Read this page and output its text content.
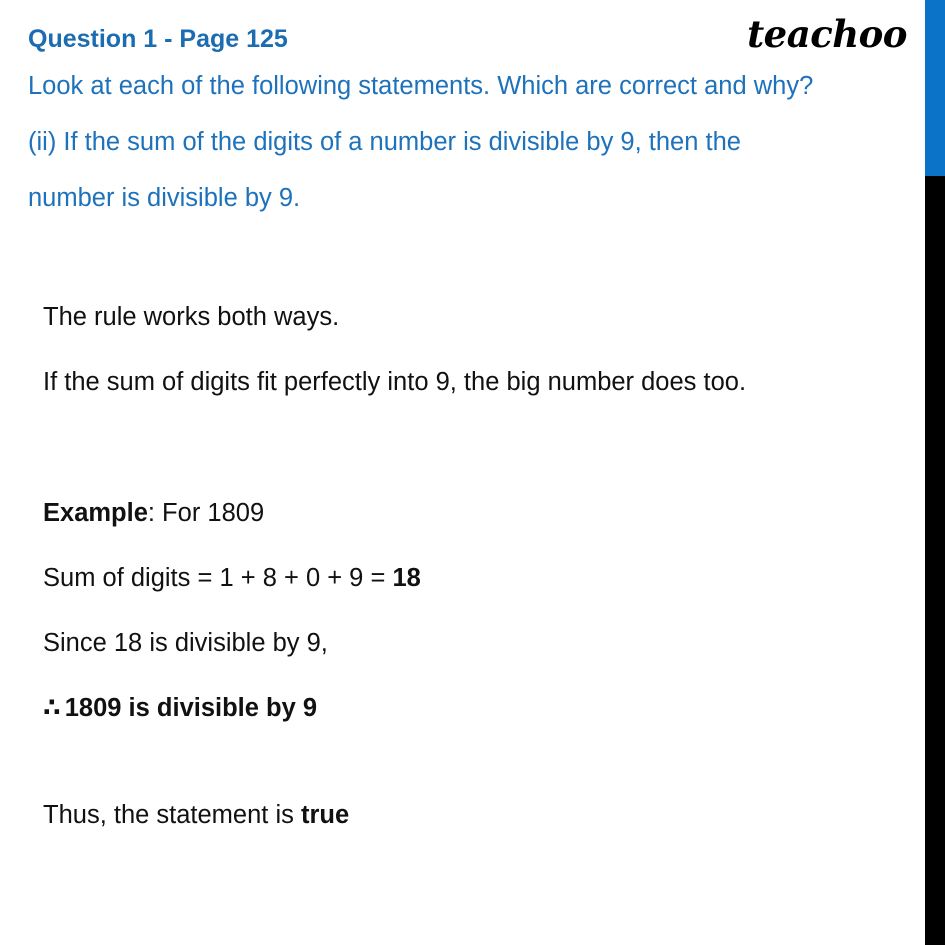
teachoo
Question 1 - Page 125
Look at each of the following statements. Which are correct and why?
(ii) If the sum of the digits of a number is divisible by 9, then the
number is divisible by 9.
The rule works both ways.
If the sum of digits fit perfectly into 9, the big number does too.
Example: For 1809
Sum of digits = 1 + 8 + 0 + 9 = 18
Since 18 is divisible by 9,
∴ 1809 is divisible by 9
Thus, the statement is true
